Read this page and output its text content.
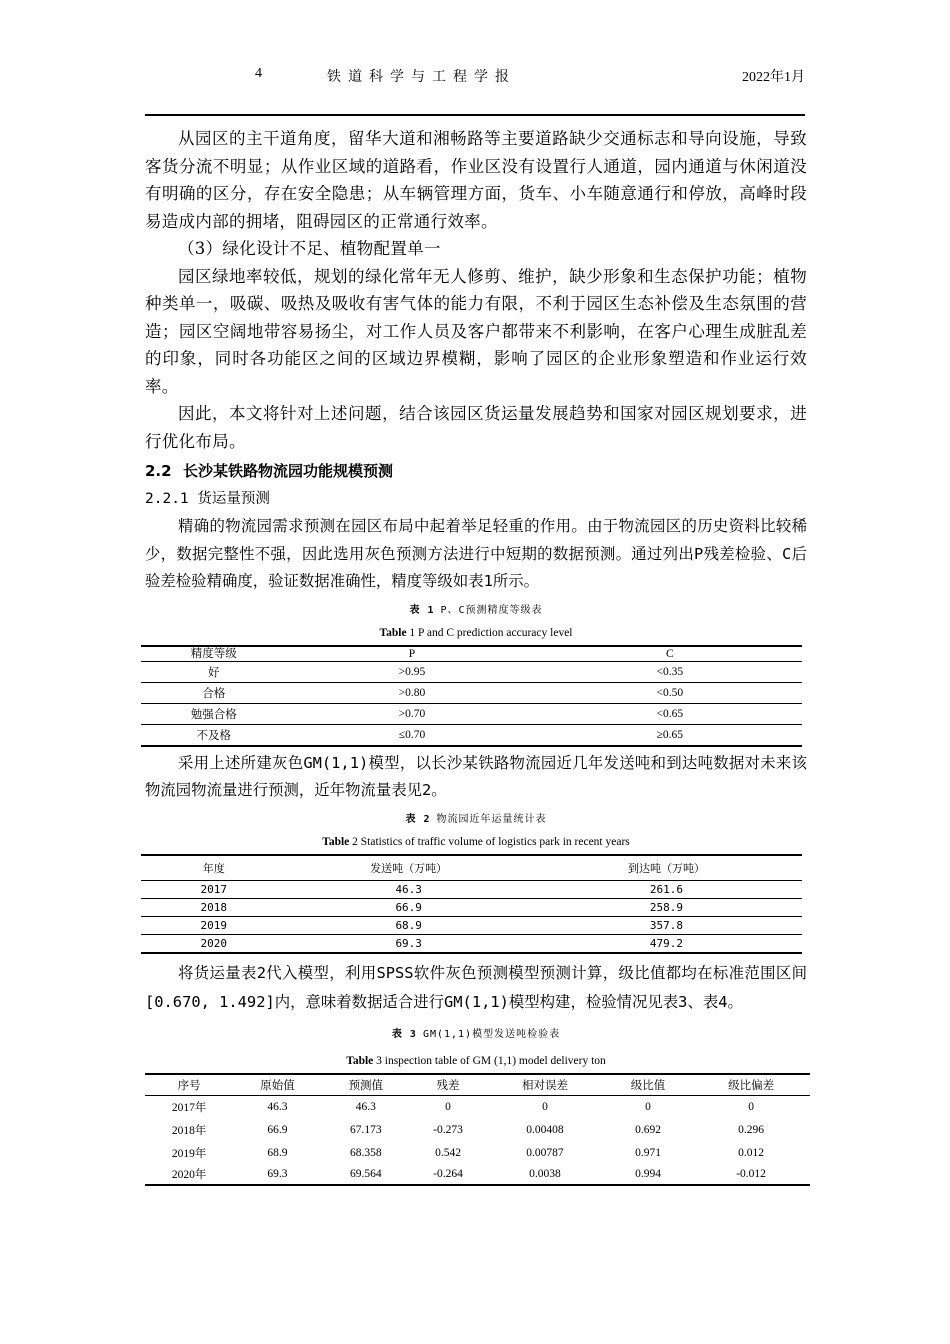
4	铁道科学与工程学报	2022年1月

从园区的主干道角度，留华大道和湘畅路等主要道路缺少交通标志和导向设施，导致客货分流不明显；从作业区域的道路看，作业区没有设置行人通道，园内通道与休闲道没有明确的区分，存在安全隐患；从车辆管理方面，货车、小车随意通行和停放，高峰时段易造成内部的拥堵，阻碍园区的正常通行效率。

（3）绿化设计不足、植物配置单一

园区绿地率较低，规划的绿化常年无人修剪、维护，缺少形象和生态保护功能；植物种类单一，吸碳、吸热及吸收有害气体的能力有限，不利于园区生态补偿及生态氛围的营造；园区空阔地带容易扬尘，对工作人员及客户都带来不利影响，在客户心理生成脏乱差的印象，同时各功能区之间的区域边界模糊，影响了园区的企业形象塑造和作业运行效率。

因此，本文将针对上述问题，结合该园区货运量发展趋势和国家对园区规划要求，进行优化布局。

2.2 长沙某铁路物流园功能规模预测
2.2.1 货运量预测

精确的物流园需求预测在园区布局中起着举足轻重的作用。由于物流园区的历史资料比较稀少，数据完整性不强，因此选用灰色预测方法进行中短期的数据预测。通过列出P残差检验、C后验差检验精确度，验证数据准确性，精度等级如表1所示。

表 1 P、C预测精度等级表
Table 1 P and C prediction accuracy level
精度等级	P	C
好	>0.95	<0.35
合格	>0.80	<0.50
勉强合格	>0.70	<0.65
不及格	≤0.70	≥0.65

采用上述所建灰色GM(1,1)模型，以长沙某铁路物流园近几年发送吨和到达吨数据对未来该物流园物流量进行预测，近年物流量表见2。

表 2 物流园近年运量统计表
Table 2 Statistics of traffic volume of logistics park in recent years
年度	发送吨（万吨）	到达吨（万吨）
2017	46.3	261.6
2018	66.9	258.9
2019	68.9	357.8
2020	69.3	479.2

将货运量表2代入模型，利用SPSS软件灰色预测模型预测计算，级比值都均在标准范围区间[0.670, 1.492]内，意味着数据适合进行GM(1,1)模型构建，检验情况见表3、表4。

表 3 GM(1,1)模型发送吨检验表
Table 3 inspection table of GM (1,1) model delivery ton
序号	原始值	预测值	残差	相对误差	级比值	级比偏差
2017年	46.3	46.3	0	0	0	0
2018年	66.9	67.173	-0.273	0.00408	0.692	0.296
2019年	68.9	68.358	0.542	0.00787	0.971	0.012
2020年	69.3	69.564	-0.264	0.0038	0.994	-0.012
